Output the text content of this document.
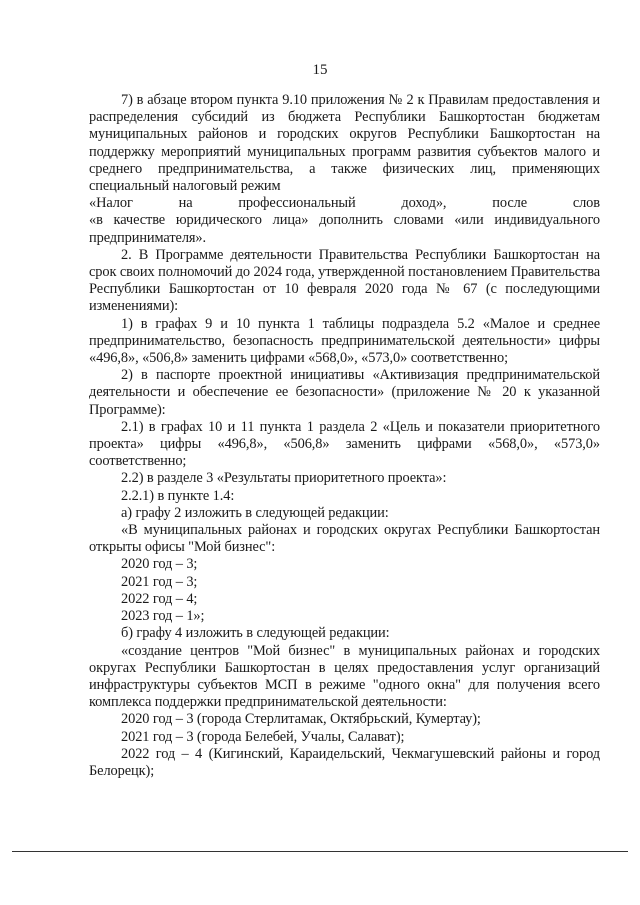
15

7) в абзаце втором пункта 9.10 приложения № 2 к Правилам предоставления и распределения субсидий из бюджета Республики Башкортостан бюджетам муниципальных районов и городских округов Республики Башкортостан на поддержку мероприятий муниципальных программ развития субъектов малого и среднего предпринимательства, а также физических лиц, применяющих специальный налоговый режим

«Налог	на	профессиональный	доход»,	после	слов

«в качестве юридического лица» дополнить словами «или индивидуального предпринимателя».

2. В Программе деятельности Правительства Республики Башкортостан на срок своих полномочий до 2024 года, утвержденной постановлением Правительства Республики Башкортостан от 10 февраля 2020 года № 67 (с последующими изменениями):

1) в графах 9 и 10 пункта 1 таблицы подраздела 5.2 «Малое и среднее предпринимательство, безопасность предпринимательской деятельности» цифры «496,8», «506,8» заменить цифрами «568,0», «573,0» соответственно;

2) в паспорте проектной инициативы «Активизация предпринимательской деятельности и обеспечение ее безопасности» (приложение № 20 к указанной Программе):

2.1) в графах 10 и 11 пункта 1 раздела 2 «Цель и показатели приоритетного проекта» цифры «496,8», «506,8» заменить цифрами «568,0», «573,0» соответственно;

2.2) в разделе 3 «Результаты приоритетного проекта»:

2.2.1) в пункте 1.4:

а) графу 2 изложить в следующей редакции:

«В муниципальных районах и городских округах Республики Башкортостан открыты офисы "Мой бизнес":

2020 год – 3;

2021 год – 3;

2022 год – 4;

2023 год – 1»;

б) графу 4 изложить в следующей редакции:

«создание центров "Мой бизнес" в муниципальных районах и городских округах Республики Башкортостан в целях предоставления услуг организаций инфраструктуры субъектов МСП в режиме "одного окна" для получения всего комплекса поддержки предпринимательской деятельности:

2020 год – 3 (города Стерлитамак, Октябрьский, Кумертау);

2021 год – 3 (города Белебей, Учалы, Салават);

2022 год – 4 (Кигинский, Караидельский, Чекмагушевский районы и город Белорецк);
